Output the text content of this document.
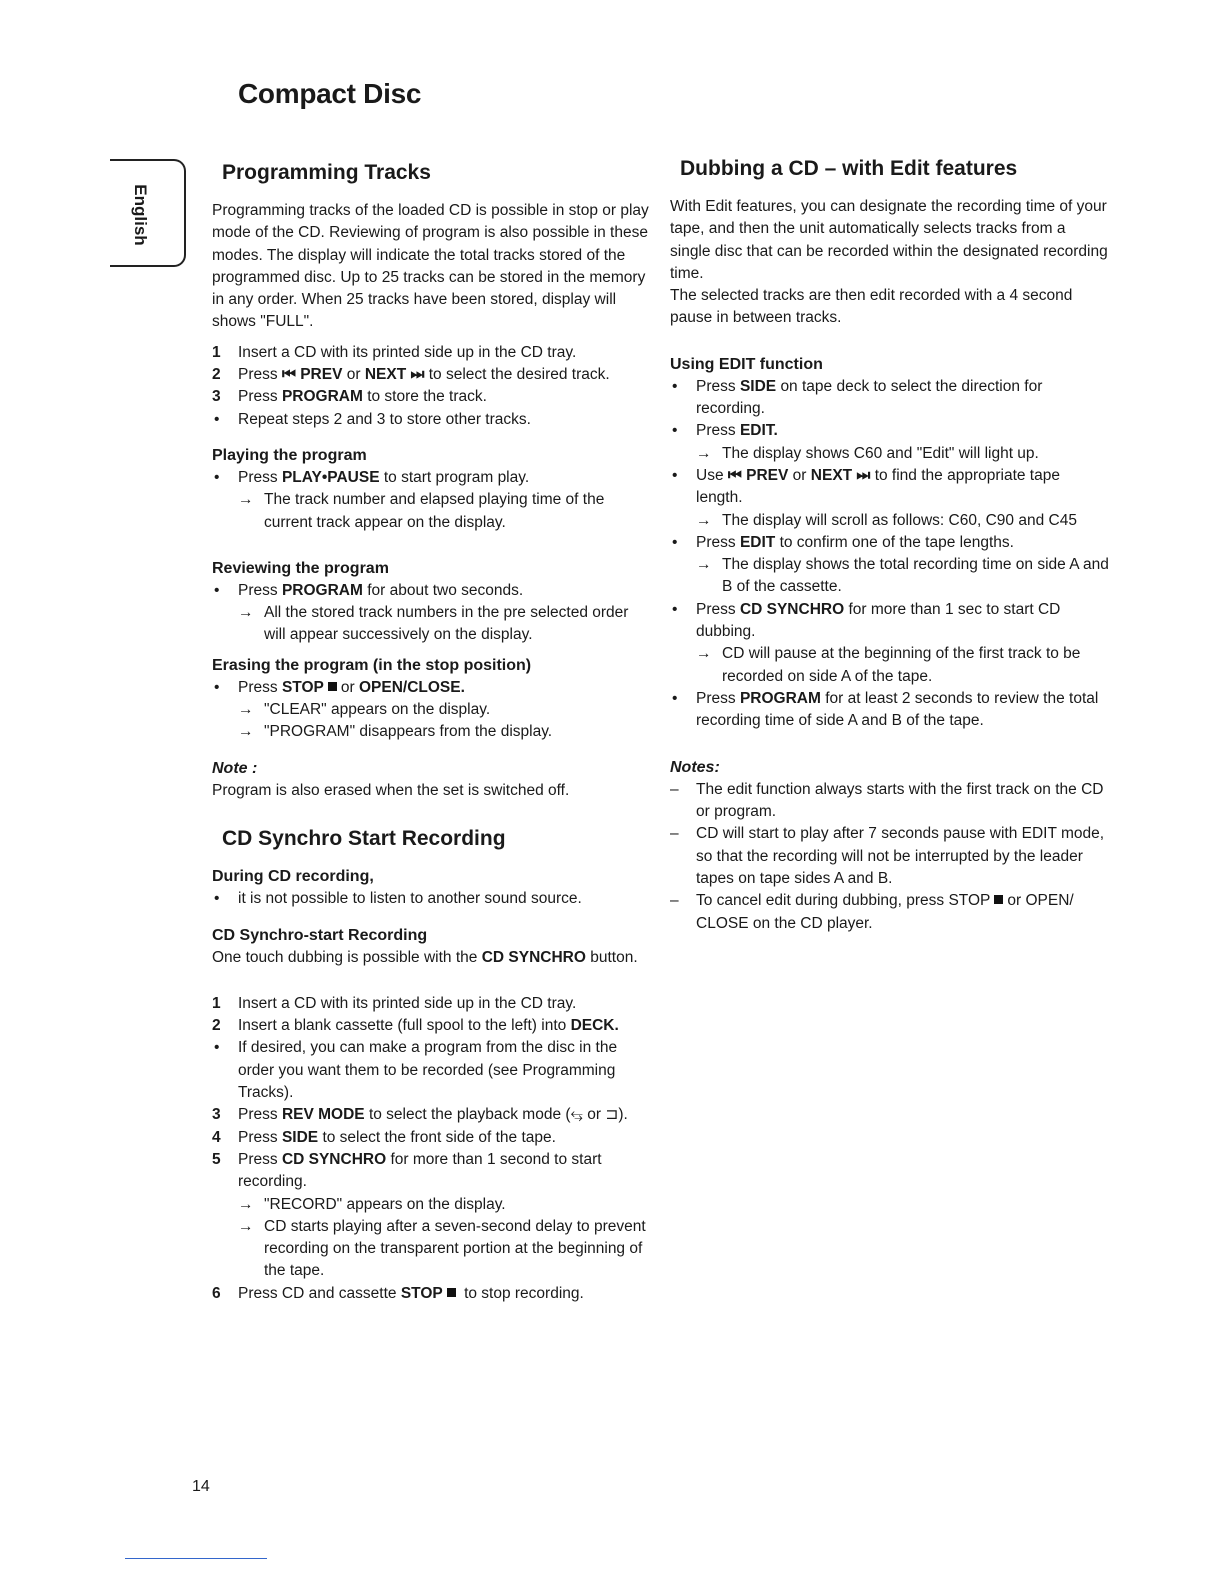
Compact Disc
English
Programming Tracks

Programming tracks of the loaded CD is possible in stop or play mode of the CD. Reviewing of program is also possible in these modes. The display will indicate the total tracks stored of the programmed disc. Up to 25 tracks can be stored in the memory in any order. When 25 tracks have been stored, display will shows "FULL".

1	Insert a CD with its printed side up in the CD tray.
2	Press ⏮ PREV or NEXT ⏭ to select the desired track.
3	Press PROGRAM to store the track.
•	Repeat steps 2 and 3 to store other tracks.
Playing the program
•	Press PLAY•PAUSE to start program play.
→ The track number and elapsed playing time of the current track appear on the display.
Reviewing the program
•	Press PROGRAM for about two seconds.
→ All the stored track numbers in the pre selected order will appear successively on the display.
Erasing the program (in the stop position)
•	Press STOP or OPEN/CLOSE.
→ "CLEAR" appears on the display.
→ "PROGRAM" disappears from the display.

Note :

Program is also erased when the set is switched off.

CD Synchro Start Recording
During CD recording,
•	it is not possible to listen to another sound source.
CD Synchro-start Recording

One touch dubbing is possible with the CD SYNCHRO button.

1	Insert a CD with its printed side up in the CD tray.
2	Insert a blank cassette (full spool to the left) into DECK.
•	If desired, you can make a program from the disc in the order you want them to be recorded (see Programming Tracks).
3	Press REV MODE to select the playback mode (⥃ or ⊐).
4	Press SIDE to select the front side of the tape.
5	Press CD SYNCHRO for more than 1 second to start recording.
→ "RECORD" appears on the display.
→ CD starts playing after a seven-second delay to prevent recording on the transparent portion at the beginning of the tape.
6	Press CD and cassette STOP to stop recording.
Dubbing a CD – with Edit features

With Edit features, you can designate the recording time of your tape, and then the unit automatically selects tracks from a single disc that can be recorded within the designated recording time.

The selected tracks are then edit recorded with a 4 second pause in between tracks.

Using EDIT function
•	Press SIDE on tape deck to select the direction for recording.
•	Press EDIT.
→ The display shows C60 and "Edit" will light up.
•	Use ⏮ PREV or NEXT ⏭ to find the appropriate tape length.
→ The display will scroll as follows: C60, C90 and C45
•	Press EDIT to confirm one of the tape lengths.
→ The display shows the total recording time on side A and B of the cassette.
•	Press CD SYNCHRO for more than 1 sec to start CD dubbing.
→ CD will pause at the beginning of the first track to be recorded on side A of the tape.
•	Press PROGRAM for at least 2 seconds to review the total recording time of side A and B of the tape.

Notes:

–	The edit function always starts with the first track on the CD or program.
–	CD will start to play after 7 seconds pause with EDIT mode, so that the recording will not be interrupted by the leader tapes on tape sides A and B.
–	To cancel edit during dubbing, press STOP or OPEN/ CLOSE on the CD player.
14
